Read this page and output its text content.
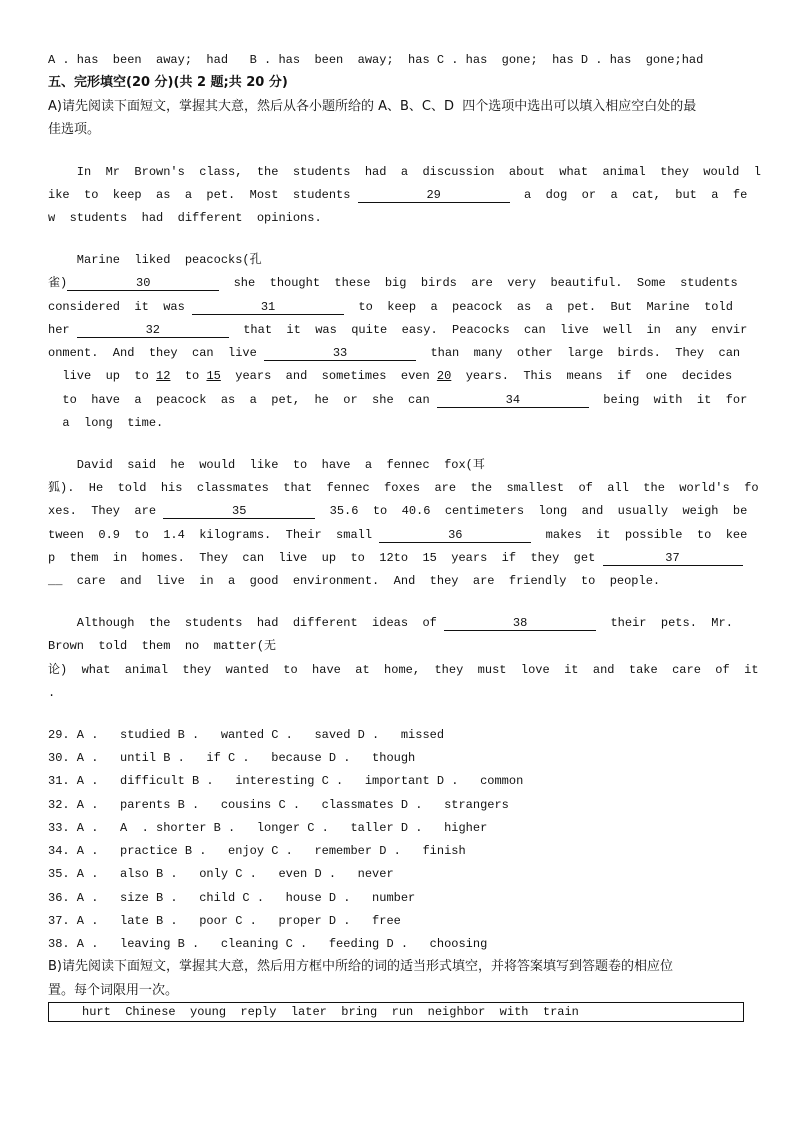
A . has  been  away;  had   B . has  been  away;  has C . has  gone;  has D . has  gone;had
五、完形填空(20 分)(共 2 题;共 20 分)
A)请先阅读下面短文，掌握其大意，然后从各小题所给的 A、B、C、D  四个选项中选出可以填入相应空白处的最
佳选项。
In  Mr  Brown's  class,  the  students  had  a  discussion  about  what  animal  they  would  l
ike  to  keep  as  a  pet.  Most  students	29	a  dog  or  a  cat,  but  a  fe
w  students  had  different  opinions.
Marine  liked  peacocks(孔
雀)	30	she  thought  these  big  birds  are  very  beautiful.  Some  students
considered  it  was	31	to  keep  a  peacock  as  a  pet.  But  Marine  told
her	32	that  it  was  quite  easy.  Peacocks  can  live  well  in  any  envir
onment.  And  they  can  live	33	than  many  other  large  birds.  They  can
live  up  to 12  to 15  years  and  sometimes  even 20  years.  This  means  if  one  decides
to  have  a  peacock  as  a  pet,  he  or  she  can	34	being  with  it  for
a  long  time.
David  said  he  would  like  to  have  a  fennec  fox(耳
狐).  He  told  his  classmates  that  fennec  foxes  are  the  smallest  of  all  the  world's  fo
xes.  They  are	35	35.6  to  40.6  centimeters  long  and  usually  weigh  be
tween  0.9  to  1.4  kilograms.  Their  small	36	makes  it  possible  to  kee
p  them  in  homes.  They  can  live  up  to  12to  15  years  if  they  get	37
__  care  and  live  in  a  good  environment.  And  they  are  friendly  to  people.
Although  the  students  had  different  ideas  of	38	their  pets.  Mr.
Brown  told  them  no  matter(无
论)  what  animal  they  wanted  to  have  at  home,  they  must  love  it  and  take  care  of  it
.
29. A .   studied B .   wanted C .   saved D .   missed
30. A .   until B .   if C .   because D .   though
31. A .   difficult B .   interesting C .   important D .   common
32. A .   parents B .   cousins C .   classmates D .   strangers
33. A .   A  . shorter B .   longer C .   taller D .   higher
34. A .   practice B .   enjoy C .   remember D .   finish
35. A .   also B .   only C .   even D .   never
36. A .   size B .   child C .   house D .   number
37. A .   late B .   poor C .   proper D .   free
38. A .   leaving B .   cleaning C .   feeding D .   choosing
B)请先阅读下面短文，掌握其大意，然后用方框中所给的词的适当形式填空，并将答案填写到答题卷的相应位
置。每个词限用一次。
hurt  Chinese  young  reply  later  bring  run  neighbor  with  train
